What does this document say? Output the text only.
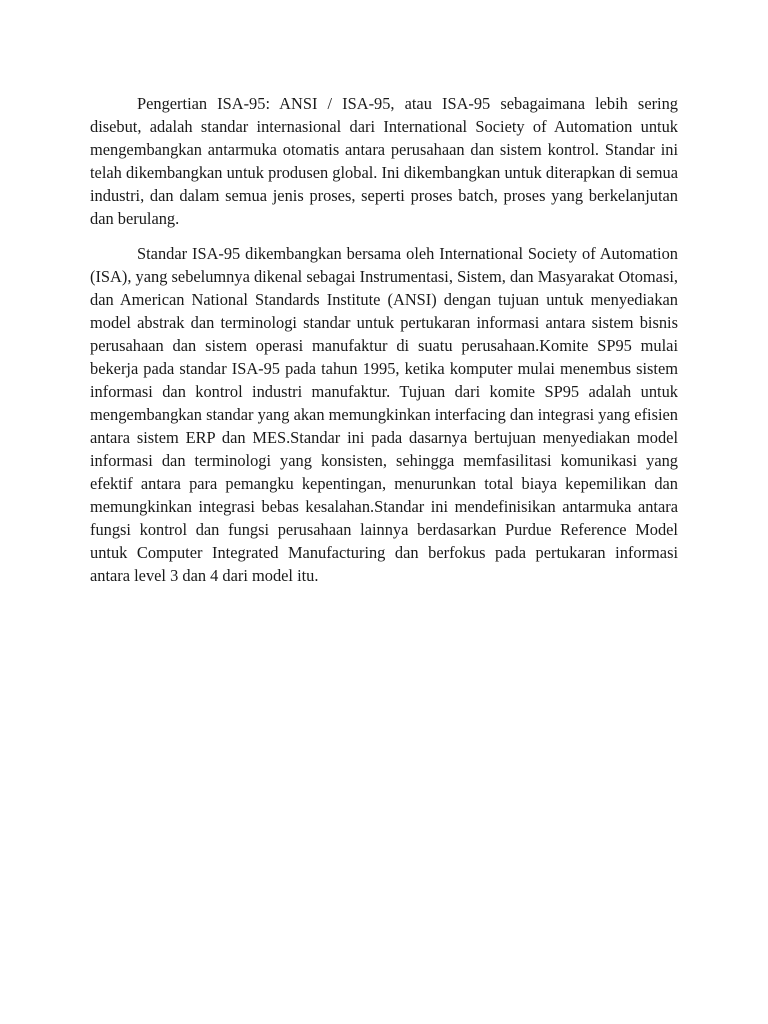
Pengertian ISA-95: ANSI / ISA-95, atau ISA-95 sebagaimana lebih sering disebut, adalah standar internasional dari International Society of Automation untuk mengembangkan antarmuka otomatis antara perusahaan dan sistem kontrol. Standar ini telah dikembangkan untuk produsen global. Ini dikembangkan untuk diterapkan di semua industri, dan dalam semua jenis proses, seperti proses batch, proses yang berkelanjutan dan berulang.

Standar ISA-95 dikembangkan bersama oleh International Society of Automation (ISA), yang sebelumnya dikenal sebagai Instrumentasi, Sistem, dan Masyarakat Otomasi, dan American National Standards Institute (ANSI) dengan tujuan untuk menyediakan model abstrak dan terminologi standar untuk pertukaran informasi antara sistem bisnis perusahaan dan sistem operasi manufaktur di suatu perusahaan.Komite SP95 mulai bekerja pada standar ISA-95 pada tahun 1995, ketika komputer mulai menembus sistem informasi dan kontrol industri manufaktur. Tujuan dari komite SP95 adalah untuk mengembangkan standar yang akan memungkinkan interfacing dan integrasi yang efisien antara sistem ERP dan MES.Standar ini pada dasarnya bertujuan menyediakan model informasi dan terminologi yang konsisten, sehingga memfasilitasi komunikasi yang efektif antara para pemangku kepentingan, menurunkan total biaya kepemilikan dan memungkinkan integrasi bebas kesalahan.Standar ini mendefinisikan antarmuka antara fungsi kontrol dan fungsi perusahaan lainnya berdasarkan Purdue Reference Model untuk Computer Integrated Manufacturing dan berfokus pada pertukaran informasi antara level 3 dan 4 dari model itu.
